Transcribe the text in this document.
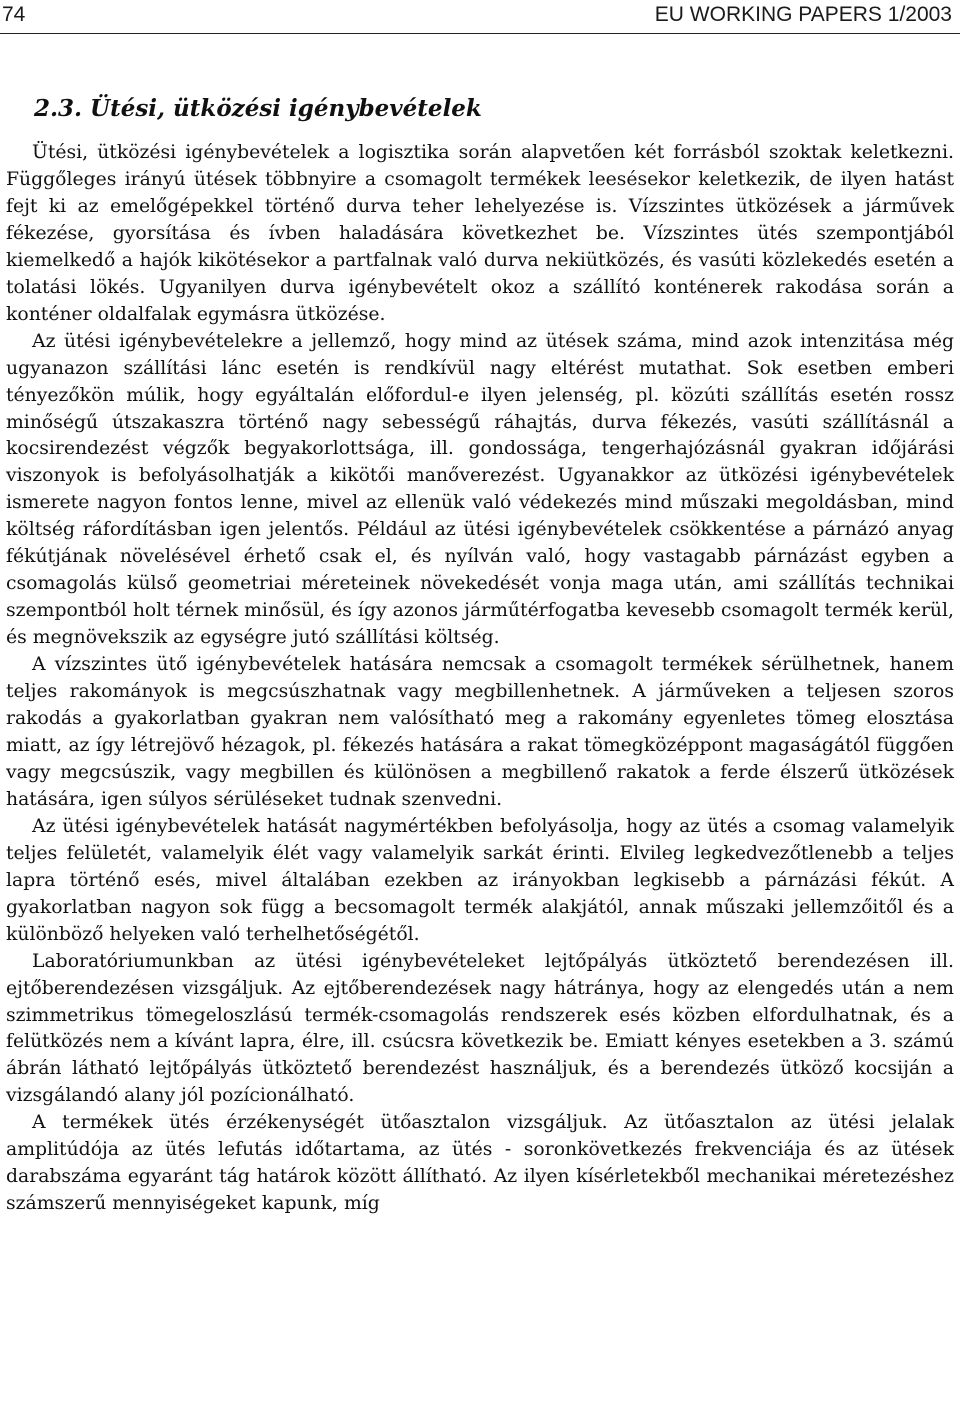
74	EU WORKING PAPERS 1/2003
2.3. Ütési, ütközési igénybevételek

Ütési, ütközési igénybevételek a logisztika során alapvetően két forrásból szoktak keletkezni. Függőleges irányú ütések többnyire a csomagolt termékek leesésekor keletkezik, de ilyen hatást fejt ki az emelőgépekkel történő durva teher lehelyezése is. Vízszintes ütközések a járművek fékezése, gyorsítása és ívben haladására következhet be. Vízszintes ütés szempontjából kiemelkedő a hajók kikötésekor a partfalnak való durva nekiütközés, és vasúti közlekedés esetén a tolatási lökés. Ugyanilyen durva igénybevételt okoz a szállító konténerek rakodása során a konténer oldalfalak egymásra ütközése.

Az ütési igénybevételekre a jellemző, hogy mind az ütések száma, mind azok intenzitása még ugyanazon szállítási lánc esetén is rendkívül nagy eltérést mutathat. Sok esetben emberi tényezőkön múlik, hogy egyáltalán előfordul-e ilyen jelenség, pl. közúti szállítás esetén rossz minőségű útszakaszra történő nagy sebességű ráhajtás, durva fékezés, vasúti szállításnál a kocsirendezést végzők begyakorlottsága, ill. gondossága, tengerhajózásnál gyakran időjárási viszonyok is befolyásolhatják a kikötői manőverezést. Ugyanakkor az ütközési igénybevételek ismerete nagyon fontos lenne, mivel az ellenük való védekezés mind műszaki megoldásban, mind költség ráfordításban igen jelentős. Például az ütési igénybevételek csökkentése a párnázó anyag fékútjának növelésével érhető csak el, és nyílván való, hogy vastagabb párnázást egyben a csomagolás külső geometriai méreteinek növekedését vonja maga után, ami szállítás technikai szempontból holt térnek minősül, és így azonos járműtérfogatba kevesebb csomagolt termék kerül, és megnövekszik az egységre jutó szállítási költség.

A vízszintes ütő igénybevételek hatására nemcsak a csomagolt termékek sérülhetnek, hanem teljes rakományok is megcsúszhatnak vagy megbillenhetnek. A járműveken a teljesen szoros rakodás a gyakorlatban gyakran nem valósítható meg a rakomány egyenletes tömeg elosztása miatt, az így létrejövő hézagok, pl. fékezés hatására a rakat tömegközéppont magaságától függően vagy megcsúszik, vagy megbillen és különösen a megbillenő rakatok a ferde élszerű ütközések hatására, igen súlyos sérüléseket tudnak szenvedni.

Az ütési igénybevételek hatását nagymértékben befolyásolja, hogy az ütés a csomag valamelyik teljes felületét, valamelyik élét vagy valamelyik sarkát érinti. Elvileg legkedvezőtlenebb a teljes lapra történő esés, mivel általában ezekben az irányokban legkisebb a párnázási fékút. A gyakorlatban nagyon sok függ a becsomagolt termék alakjától, annak műszaki jellemzőitől és a különböző helyeken való terhelhetőségétől.

Laboratóriumunkban az ütési igénybevételeket lejtőpályás ütköztető berendezésen ill. ejtőberendezésen vizsgáljuk. Az ejtőberendezések nagy hátránya, hogy az elengedés után a nem szimmetrikus tömegeloszlású termék-csomagolás rendszerek esés közben elfordulhatnak, és a felütközés nem a kívánt lapra, élre, ill. csúcsra következik be. Emiatt kényes esetekben a 3. számú ábrán látható lejtőpályás ütköztető berendezést használjuk, és a berendezés ütköző kocsiján a vizsgálandó alany jól pozícionálható.

A termékek ütés érzékenységét ütőasztalon vizsgáljuk. Az ütőasztalon az ütési jelalak amplitúdója az ütés lefutás időtartama, az ütés - soronkövetkezés frekvenciája és az ütések darabszáma egyaránt tág határok között állítható. Az ilyen kísérletekből mechanikai méretezéshez számszerű mennyiségeket kapunk, míg
